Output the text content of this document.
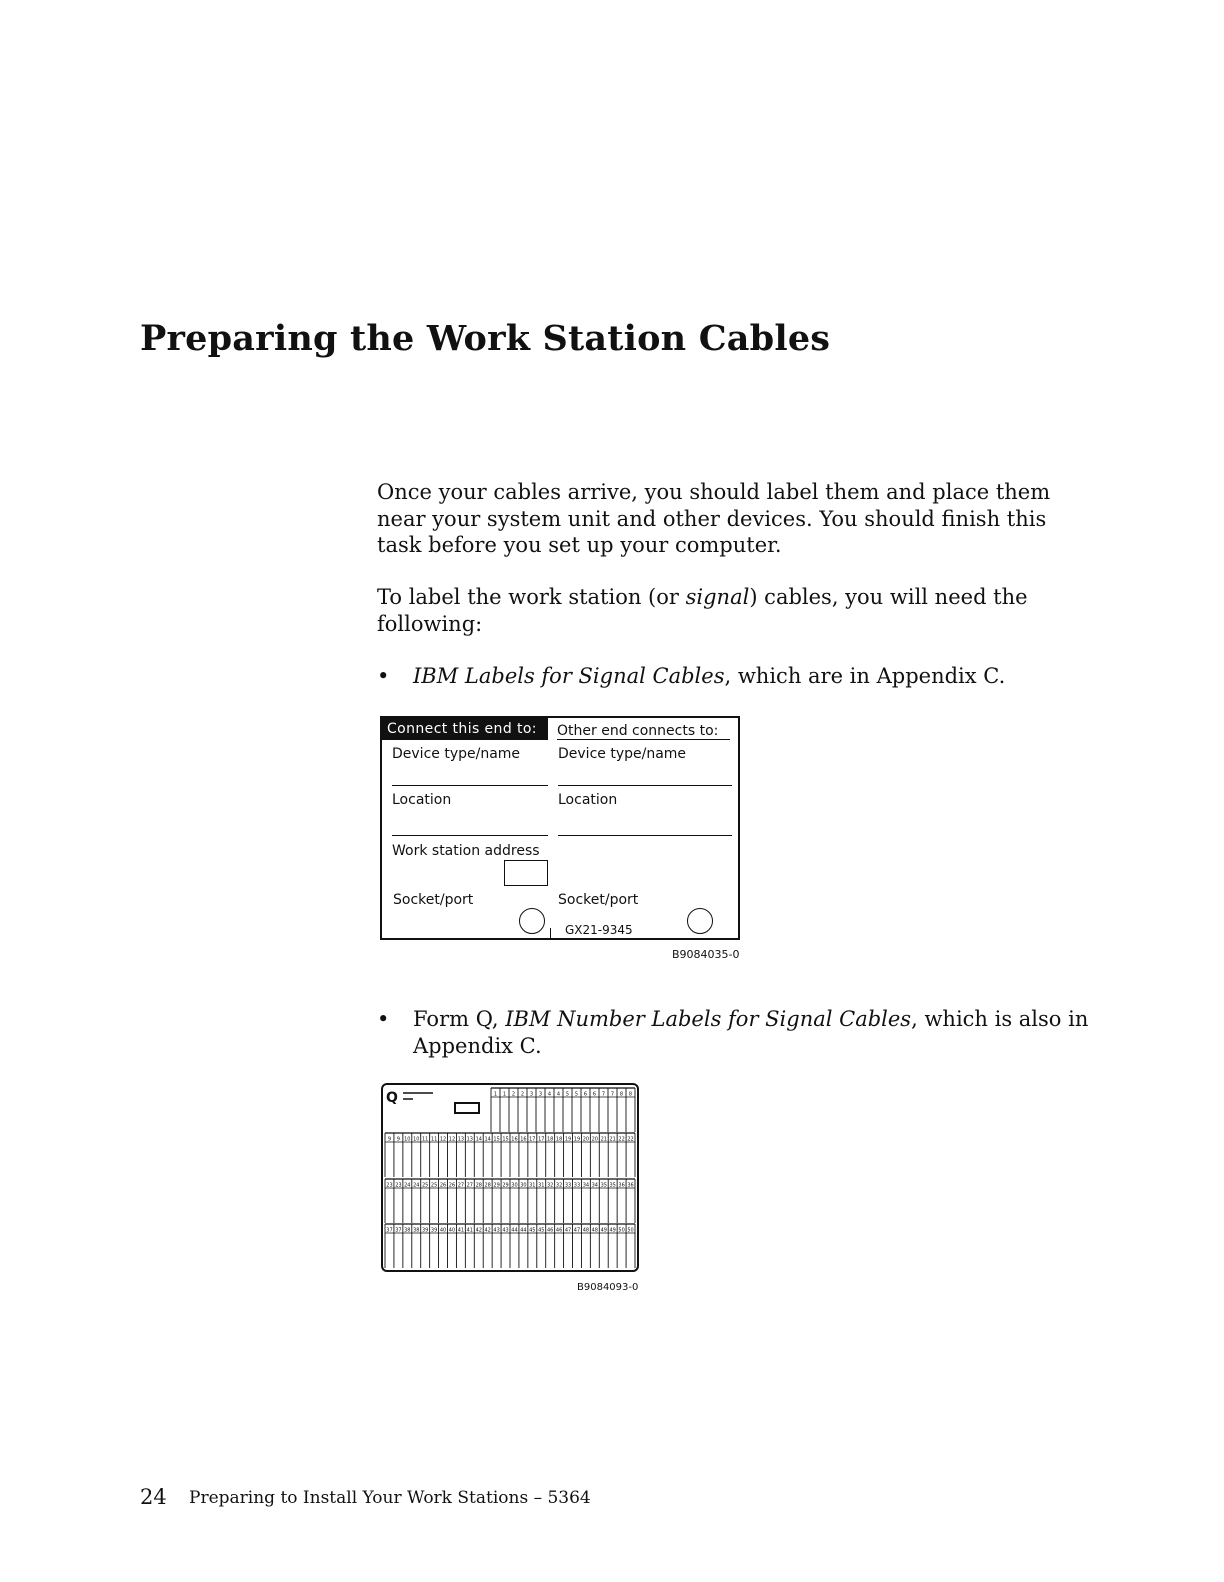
Preparing the Work Station Cables

Once your cables arrive, you should label them and place them near your system unit and other devices. You should finish this task before you set up your computer.

To label the work station (or signal) cables, you will need the following:

• IBM Labels for Signal Cables, which are in Appendix C.

Connect this end to:	Other end connects to:
Device type/name	Device type/name
Location	Location
Work station address
Socket/port	Socket/port
GX21-9345
B9084035-0
• Form Q, IBM Number Labels for Signal Cables, which is also in Appendix C.

Q	1 1 2 2 3 3 4 4 5 5 6 6 7 7 8 8
9 9 10 10 11 11 12 12 13 13 14 14 15 15 16 16 17 17 18 18 19 19 20 20 21 21 22 22
23 23 24 24 25 25 26 26 27 27 28 28 29 29 30 30 31 31 32 32 33 33 34 34 35 35 36 36
37 37 38 38 39 39 40 40 41 41 42 42 43 43 44 44 45 45 46 46 47 47 48 48 49 49 50 50
B9084093-0
24 Preparing to Install Your Work Stations – 5364
